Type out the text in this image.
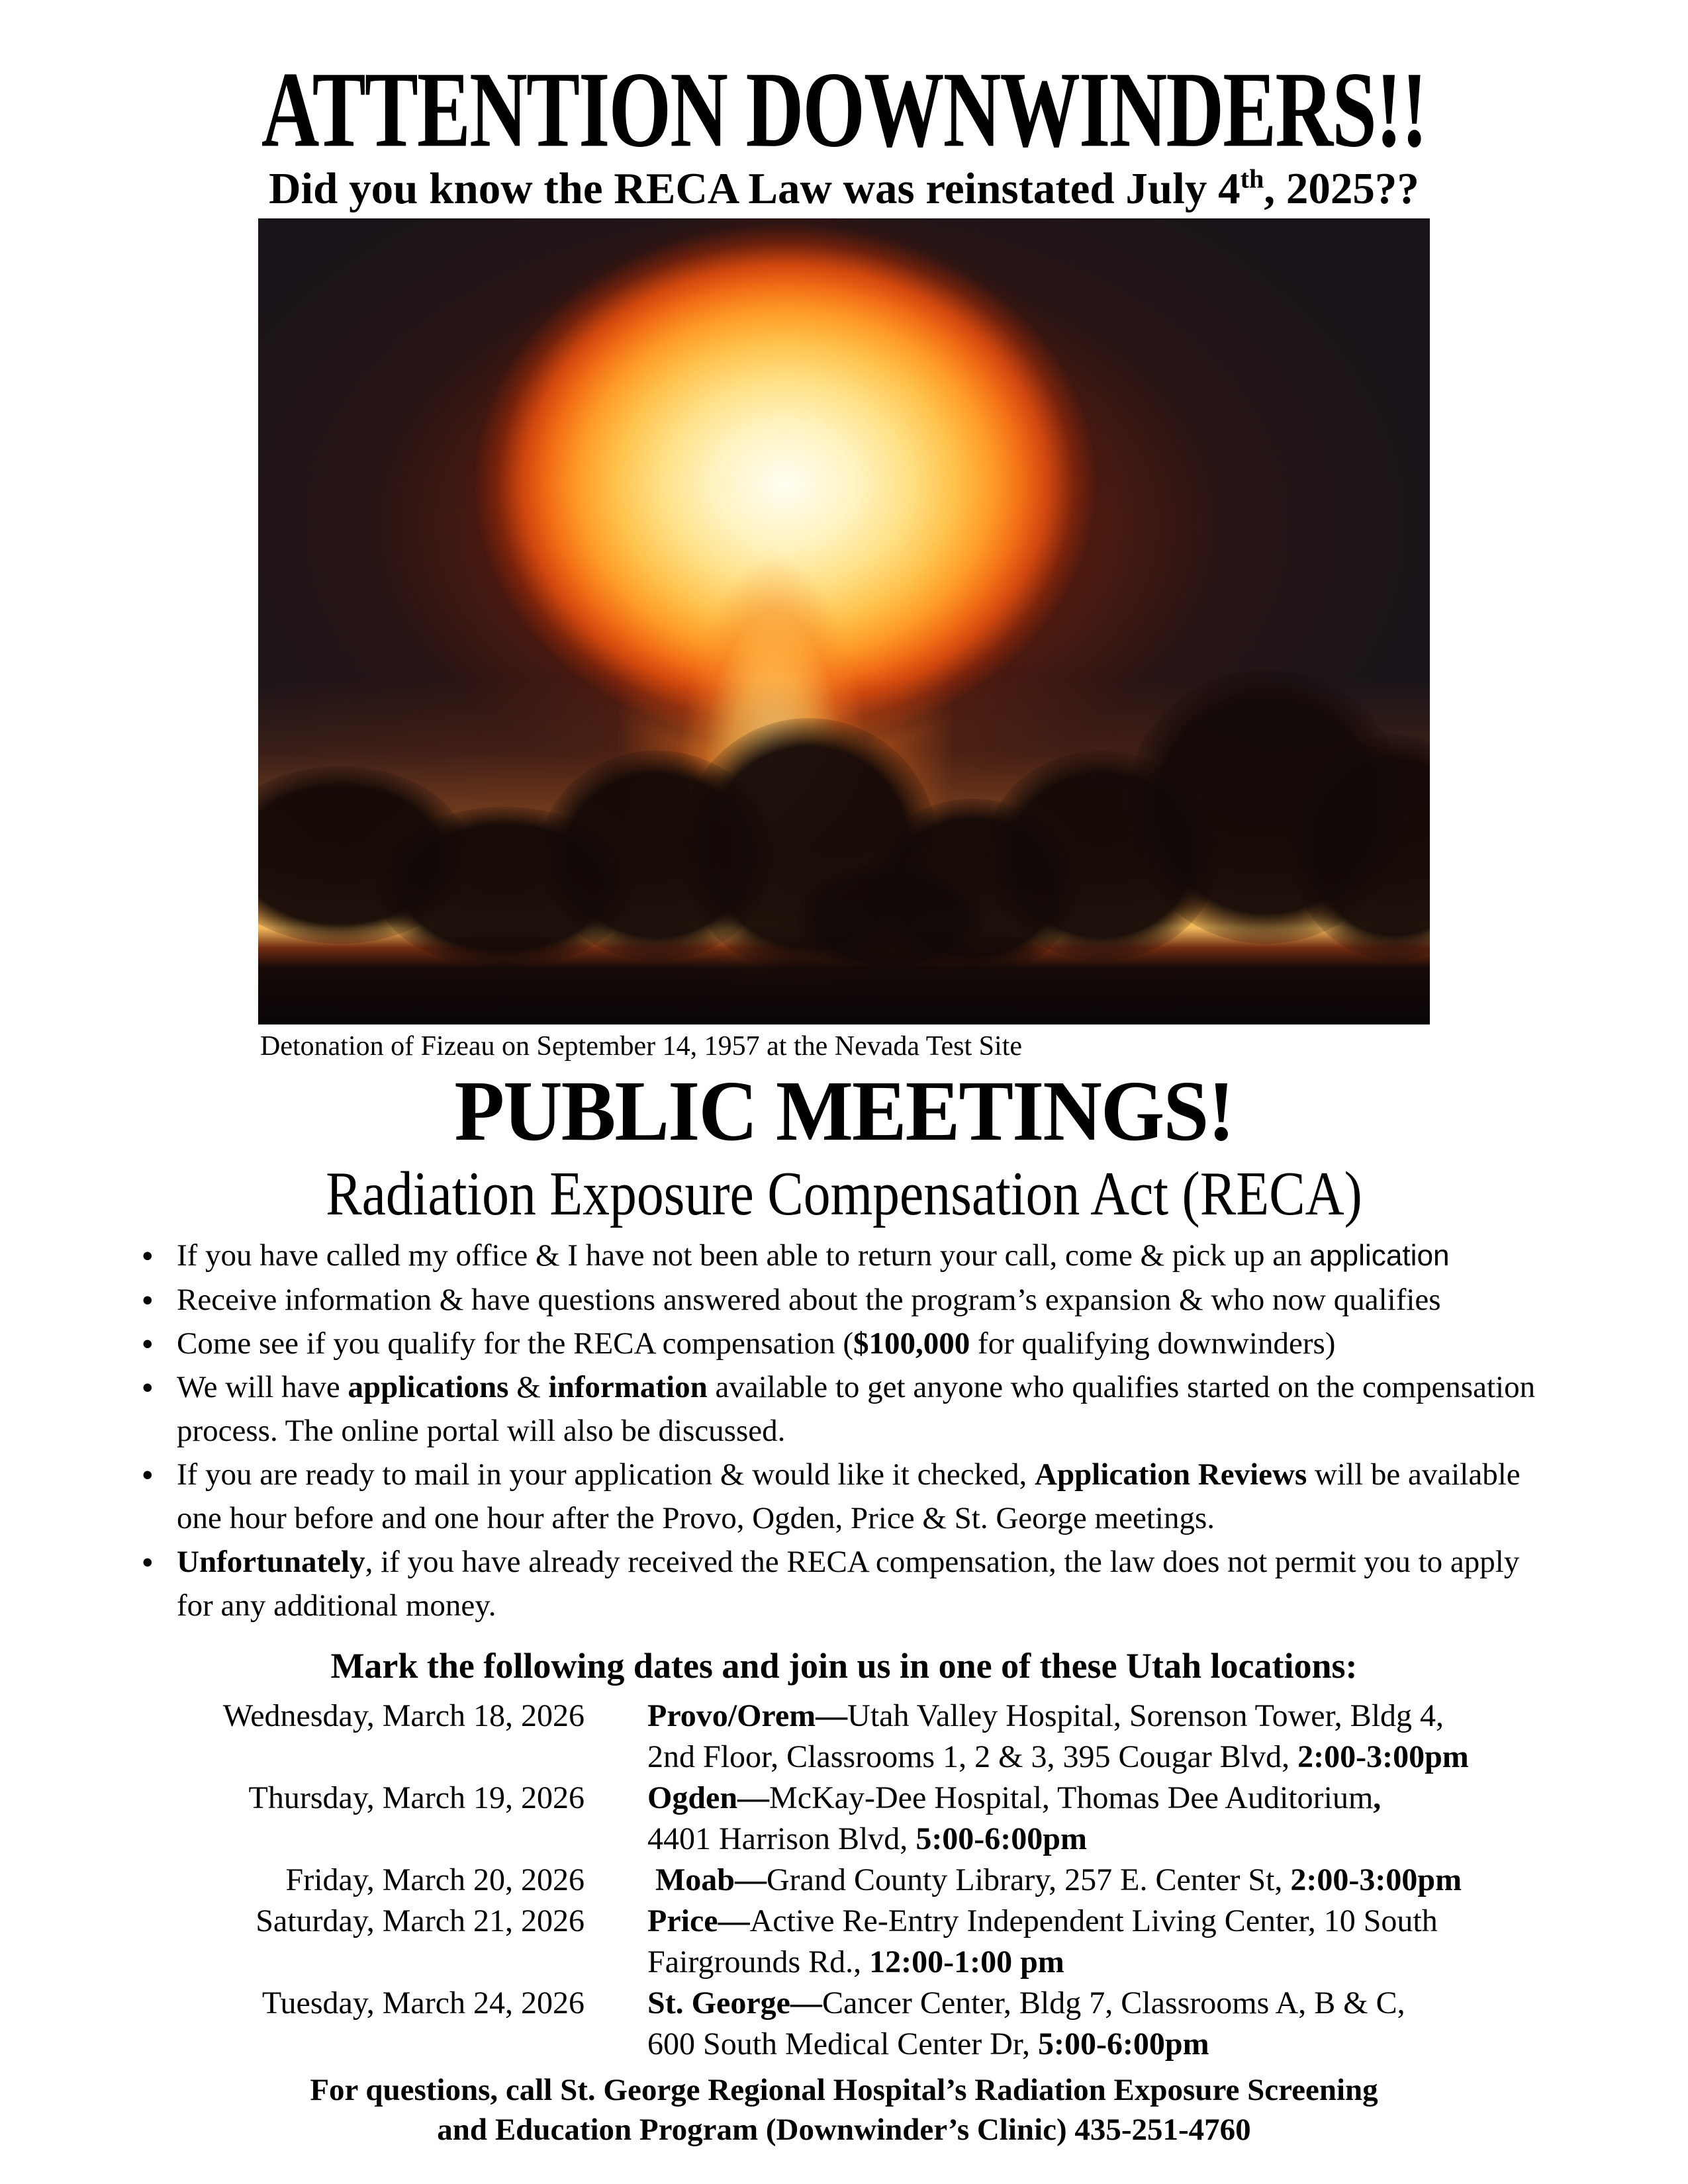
ATTENTION DOWNWINDERS!!
Did you know the RECA Law was reinstated July 4th, 2025??
Detonation of Fizeau on September 14, 1957 at the Nevada Test Site
PUBLIC MEETINGS!
Radiation Exposure Compensation Act (RECA)
● If you have called my office & I have not been able to return your call, come & pick up an application
● Receive information & have questions answered about the program’s expansion & who now qualifies
● Come see if you qualify for the RECA compensation ($100,000 for qualifying downwinders)
● We will have applications & information available to get anyone who qualifies started on the compensation process. The online portal will also be discussed.
● If you are ready to mail in your application & would like it checked, Application Reviews will be available one hour before and one hour after the Provo, Ogden, Price & St. George meetings.
● Unfortunately, if you have already received the RECA compensation, the law does not permit you to apply for any additional money.
Mark the following dates and join us in one of these Utah locations:
Wednesday, March 18, 2026 Provo/Orem—Utah Valley Hospital, Sorenson Tower, Bldg 4,
2nd Floor, Classrooms 1, 2 & 3, 395 Cougar Blvd, 2:00-3:00pm
Thursday, March 19, 2026 Ogden—McKay-Dee Hospital, Thomas Dee Auditorium,
4401 Harrison Blvd, 5:00-6:00pm
Friday, March 20, 2026 Moab—Grand County Library, 257 E. Center St, 2:00-3:00pm
Saturday, March 21, 2026 Price—Active Re-Entry Independent Living Center, 10 South
Fairgrounds Rd., 12:00-1:00 pm
Tuesday, March 24, 2026 St. George—Cancer Center, Bldg 7, Classrooms A, B & C,
600 South Medical Center Dr, 5:00-6:00pm
For questions, call St. George Regional Hospital’s Radiation Exposure Screening
and Education Program (Downwinder’s Clinic) 435-251-4760
